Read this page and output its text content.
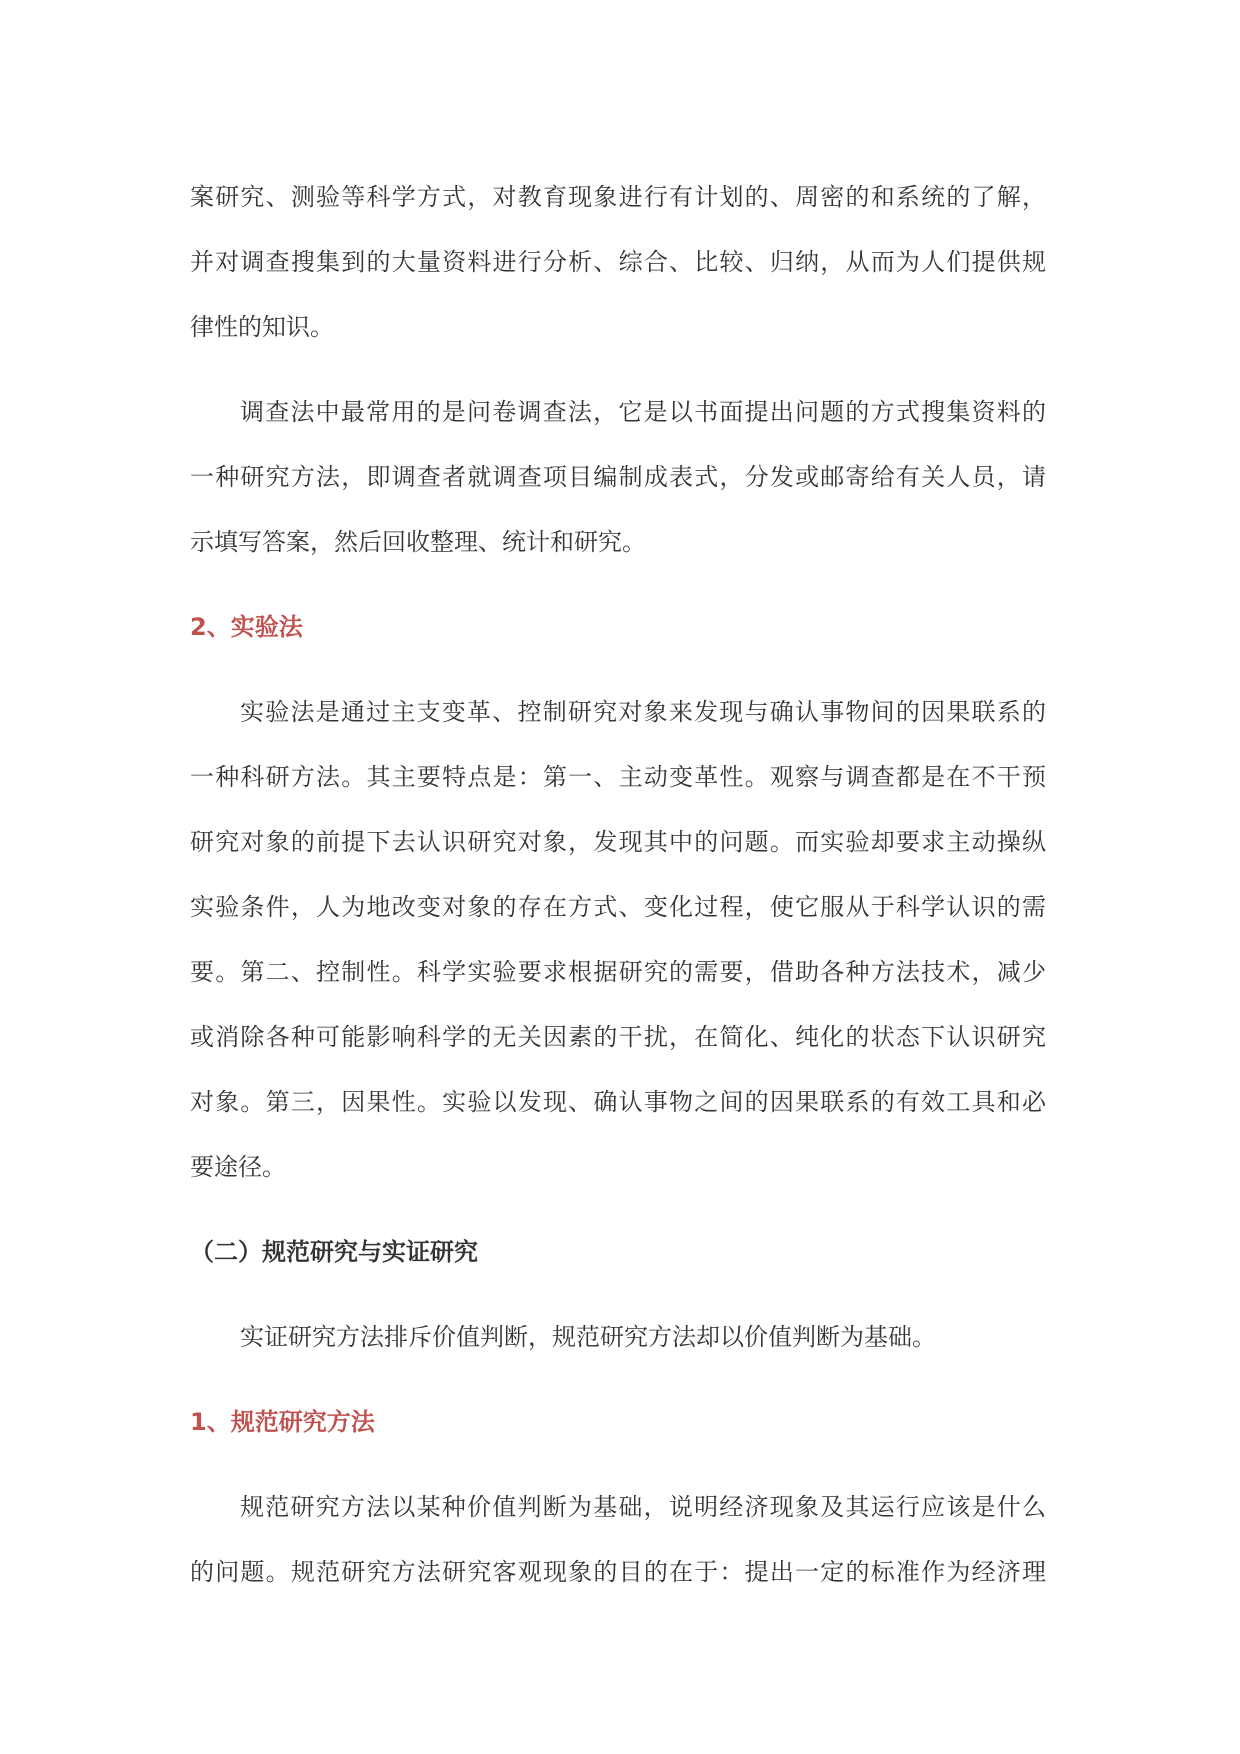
案研究、测验等科学方式，对教育现象进行有计划的、周密的和系统的了解，
并对调查搜集到的大量资料进行分析、综合、比较、归纳，从而为人们提供规
律性的知识。
调查法中最常用的是问卷调查法，它是以书面提出问题的方式搜集资料的
一种研究方法，即调查者就调查项目编制成表式，分发或邮寄给有关人员，请
示填写答案，然后回收整理、统计和研究。
2、实验法
实验法是通过主支变革、控制研究对象来发现与确认事物间的因果联系的
一种科研方法。其主要特点是：第一、主动变革性。观察与调查都是在不干预
研究对象的前提下去认识研究对象，发现其中的问题。而实验却要求主动操纵
实验条件，人为地改变对象的存在方式、变化过程，使它服从于科学认识的需
要。第二、控制性。科学实验要求根据研究的需要，借助各种方法技术，减少
或消除各种可能影响科学的无关因素的干扰，在简化、纯化的状态下认识研究
对象。第三，因果性。实验以发现、确认事物之间的因果联系的有效工具和必
要途径。
（二）规范研究与实证研究
实证研究方法排斥价值判断，规范研究方法却以价值判断为基础。
1、规范研究方法
规范研究方法以某种价值判断为基础，说明经济现象及其运行应该是什么
的问题。规范研究方法研究客观现象的目的在于：提出一定的标准作为经济理
